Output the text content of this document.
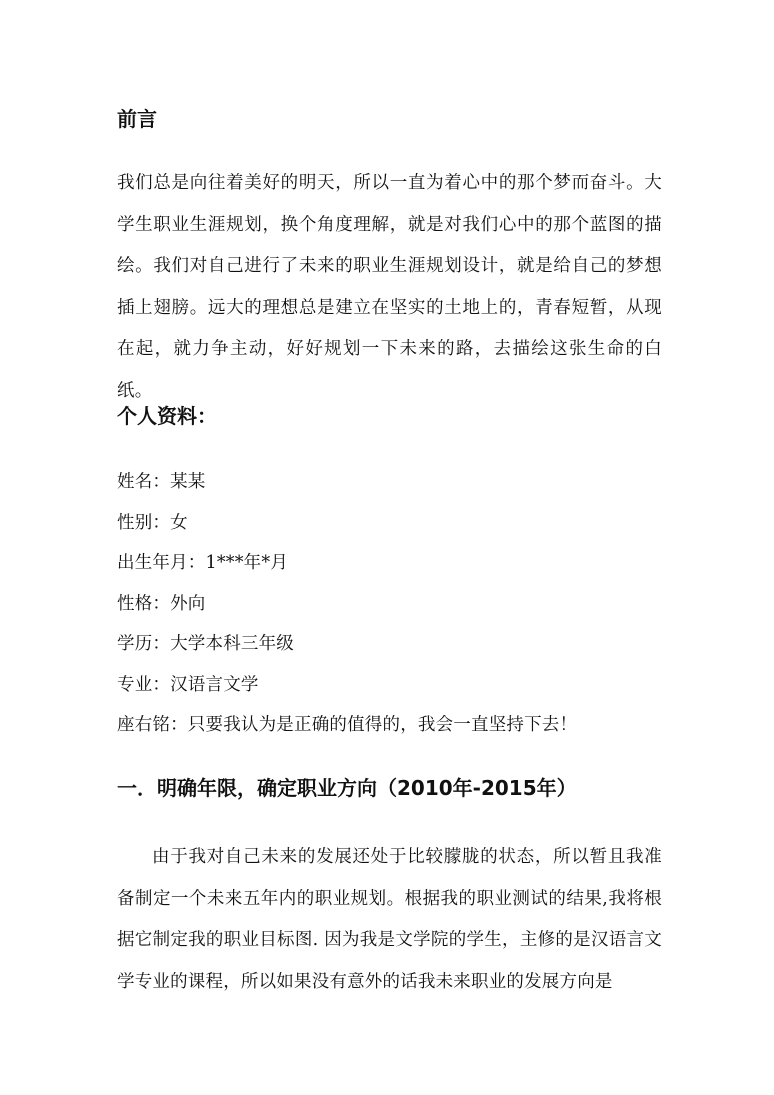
前言
我们总是向往着美好的明天，所以一直为着心中的那个梦而奋斗。大学生职业生涯规划，换个角度理解，就是对我们心中的那个蓝图的描绘。我们对自己进行了未来的职业生涯规划设计，就是给自己的梦想插上翅膀。远大的理想总是建立在坚实的土地上的，青春短暂，从现在起，就力争主动，好好规划一下未来的路，去描绘这张生命的白纸。
个人资料：
姓名：某某
性别：女
出生年月：1***年*月
性格：外向
学历：大学本科三年级
专业：汉语言文学
座右铭：只要我认为是正确的值得的，我会一直坚持下去！
一．明确年限，确定职业方向（2010年-2015年）
由于我对自己未来的发展还处于比较朦胧的状态，所以暂且我准备制定一个未来五年内的职业规划。根据我的职业测试的结果,我将根据它制定我的职业目标图. 因为我是文学院的学生，主修的是汉语言文学专业的课程，所以如果没有意外的话我未来职业的发展方向是
